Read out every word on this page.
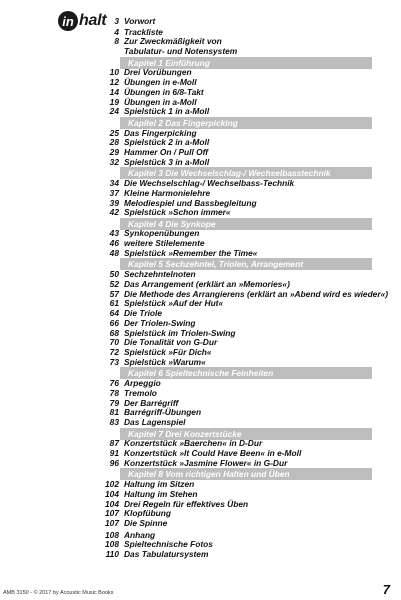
in halt 3 Vorwort
4 Trackliste
8 Zur Zweckmäßigkeit von
Tabulatur- und Notensystem
Kapitel 1 Einführung
10 Drei Vorübungen
12 Übungen in e-Moll
14 Übungen in 6/8-Takt
19 Übungen in a-Moll
24 Spielstück 1 in a-Moll
Kapitel 2 Das Fingerpicking
25 Das Fingerpicking
28 Spielstück 2 in a-Moll
29 Hammer On / Pull Off
32 Spielstück 3 in a-Moll
Kapitel 3 Die Wechselschlag-/ Wechselbasstechnik
34 Die Wechselschlag-/ Wechselbass-Technik
37 Kleine Harmonielehre
39 Melodiespiel und Bassbegleitung
42 Spielstück »Schon immer«
Kapitel 4 Die Synkope
43 Synkopenübungen
46 weitere Stilelemente
48 Spielstück »Remember the Time«
Kapitel 5 Sechzehntel, Triolen, Arrangement
50 Sechzehntelnoten
52 Das Arrangement (erklärt an »Memories«)
57 Die Methode des Arrangierens (erklärt an »Abend wird es wieder«)
61 Spielstück »Auf der Hut«
64 Die Triole
66 Der Triolen-Swing
68 Spielstück im Triolen-Swing
70 Die Tonalität von G-Dur
72 Spielstück »Für Dich«
73 Spielstück »Warum«
Kapitel 6 Spieltechnische Feinheiten
76 Arpeggio
78 Tremolo
79 Der Barrégriff
81 Barrégriff-Übungen
83 Das Lagenspiel
Kapitel 7 Drei Konzertstücke
87 Konzertstück »Baerchen« in D-Dur
91 Konzertstück »It Could Have Been« in e-Moll
96 Konzertstück »Jasmine Flower« in G-Dur
Kapitel 8 Vom richtigen Halten und Üben
102 Haltung im Sitzen
104 Haltung im Stehen
104 Drei Regeln für effektives Üben
107 Klopfübung
107 Die Spinne
108 Anhang
108 Spieltechnische Fotos
110 Das Tabulatursystem
AMB 3150 - © 2017 by Acoustic Music Books	7
